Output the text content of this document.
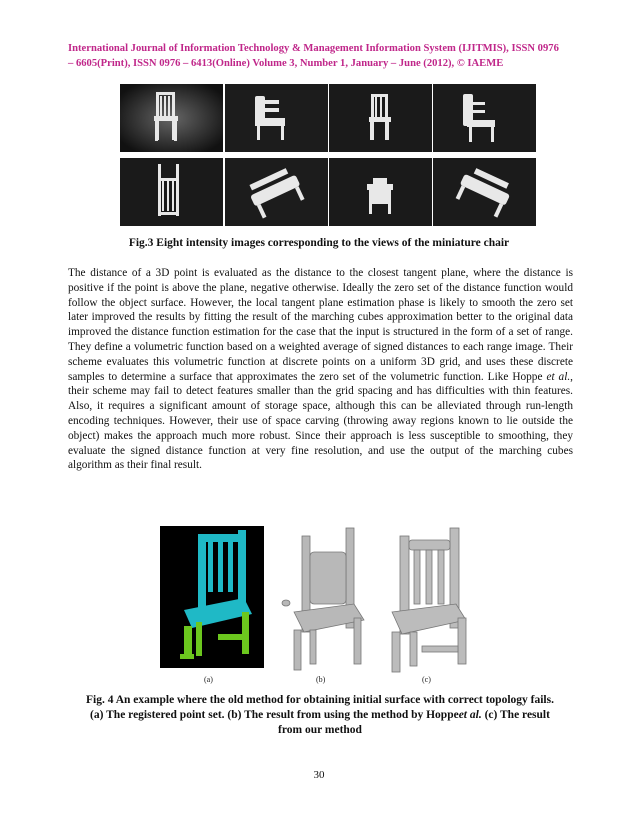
International Journal of Information Technology & Management Information System (IJITMIS), ISSN 0976
– 6605(Print), ISSN 0976 – 6413(Online) Volume 3, Number 1, January – June (2012), © IAEME
Fig.3 Eight intensity images corresponding to the views of the miniature chair
The distance of a 3D point is evaluated as the distance to the closest tangent plane, where the distance is positive if the point is above the plane, negative otherwise. Ideally the zero set of the distance function would follow the object surface. However, the local tangent plane estimation phase is likely to smooth the zero set later improved the results by fitting the result of the marching cubes approximation better to the original data improved the distance function estimation for the case that the input is structured in the form of a set of range. They define a volumetric function based on a weighted average of signed distances to each range image. Their scheme evaluates this volumetric function at discrete points on a uniform 3D grid, and uses these discrete samples to determine a surface that approximates the zero set of the volumetric function. Like Hoppe et al., their scheme may fail to detect features smaller than the grid spacing and has difficulties with thin features. Also, it requires a significant amount of storage space, although this can be alleviated through run-length encoding techniques. However, their use of space carving (throwing away regions known to lie outside the object) makes the approach much more robust. Since their approach is less susceptible to smoothing, they evaluate the signed distance function at very fine resolution, and use the output of the marching cubes algorithm as their final result.
(a)	(b)	(c)
Fig. 4 An example where the old method for obtaining initial surface with correct topology fails. (a) The registered point set. (b) The result from using the method by Hoppeet al. (c) The result from our method
30
